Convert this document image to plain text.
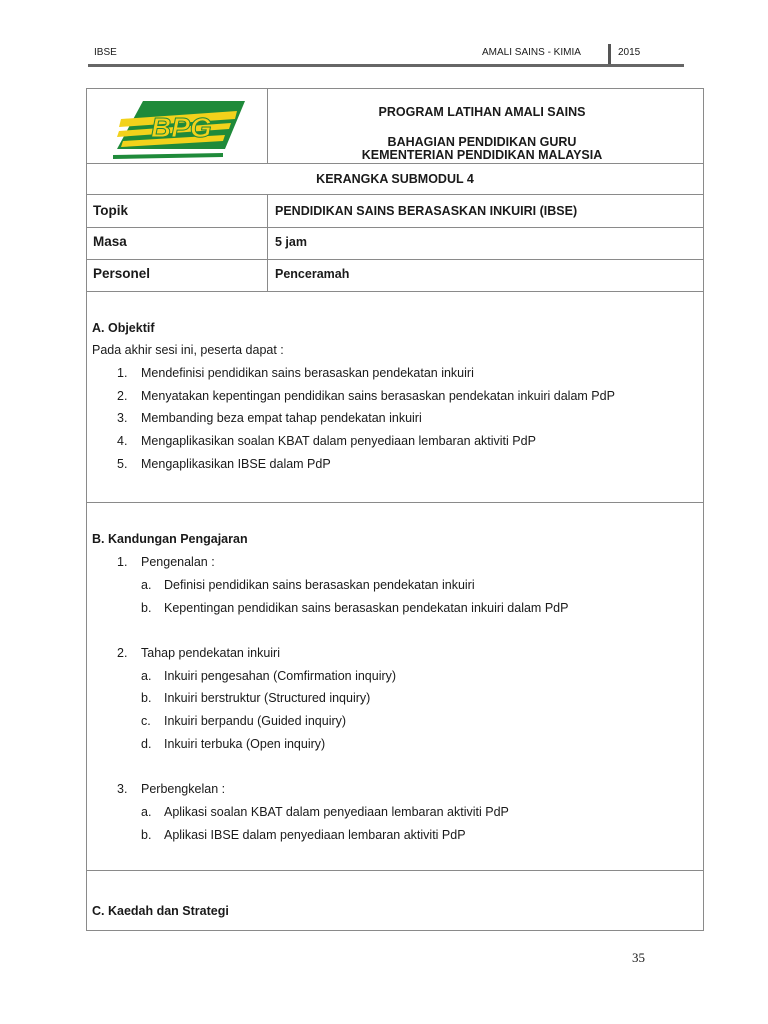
IBSE	AMALI SAINS - KIMIA	2015
BPG	PROGRAM LATIHAN AMALI SAINS
BAHAGIAN PENDIDIKAN GURU
KEMENTERIAN PENDIDIKAN MALAYSIA
KERANGKA SUBMODUL 4
Topik	PENDIDIKAN SAINS BERASASKAN INKUIRI (IBSE)
Masa	5 jam
Personel	Penceramah
A. Objektif
Pada akhir sesi ini, peserta dapat :
1.	Mendefinisi pendidikan sains berasaskan pendekatan inkuiri
2.	Menyatakan kepentingan pendidikan sains berasaskan pendekatan inkuiri dalam PdP
3.	Membanding beza empat tahap pendekatan inkuiri
4.	Mengaplikasikan soalan KBAT dalam penyediaan lembaran aktiviti PdP
5.	Mengaplikasikan IBSE dalam PdP
B. Kandungan Pengajaran
1.	Pengenalan :
a. Definisi pendidikan sains berasaskan pendekatan inkuiri
b. Kepentingan pendidikan sains berasaskan pendekatan inkuiri dalam PdP
2.	Tahap pendekatan inkuiri
a. Inkuiri pengesahan (Comfirmation inquiry)
b. Inkuiri berstruktur (Structured inquiry)
c. Inkuiri berpandu (Guided inquiry)
d. Inkuiri terbuka (Open inquiry)
3.	Perbengkelan :
a. Aplikasi soalan KBAT dalam penyediaan lembaran aktiviti PdP
b. Aplikasi IBSE dalam penyediaan lembaran aktiviti PdP
C. Kaedah dan Strategi
35
